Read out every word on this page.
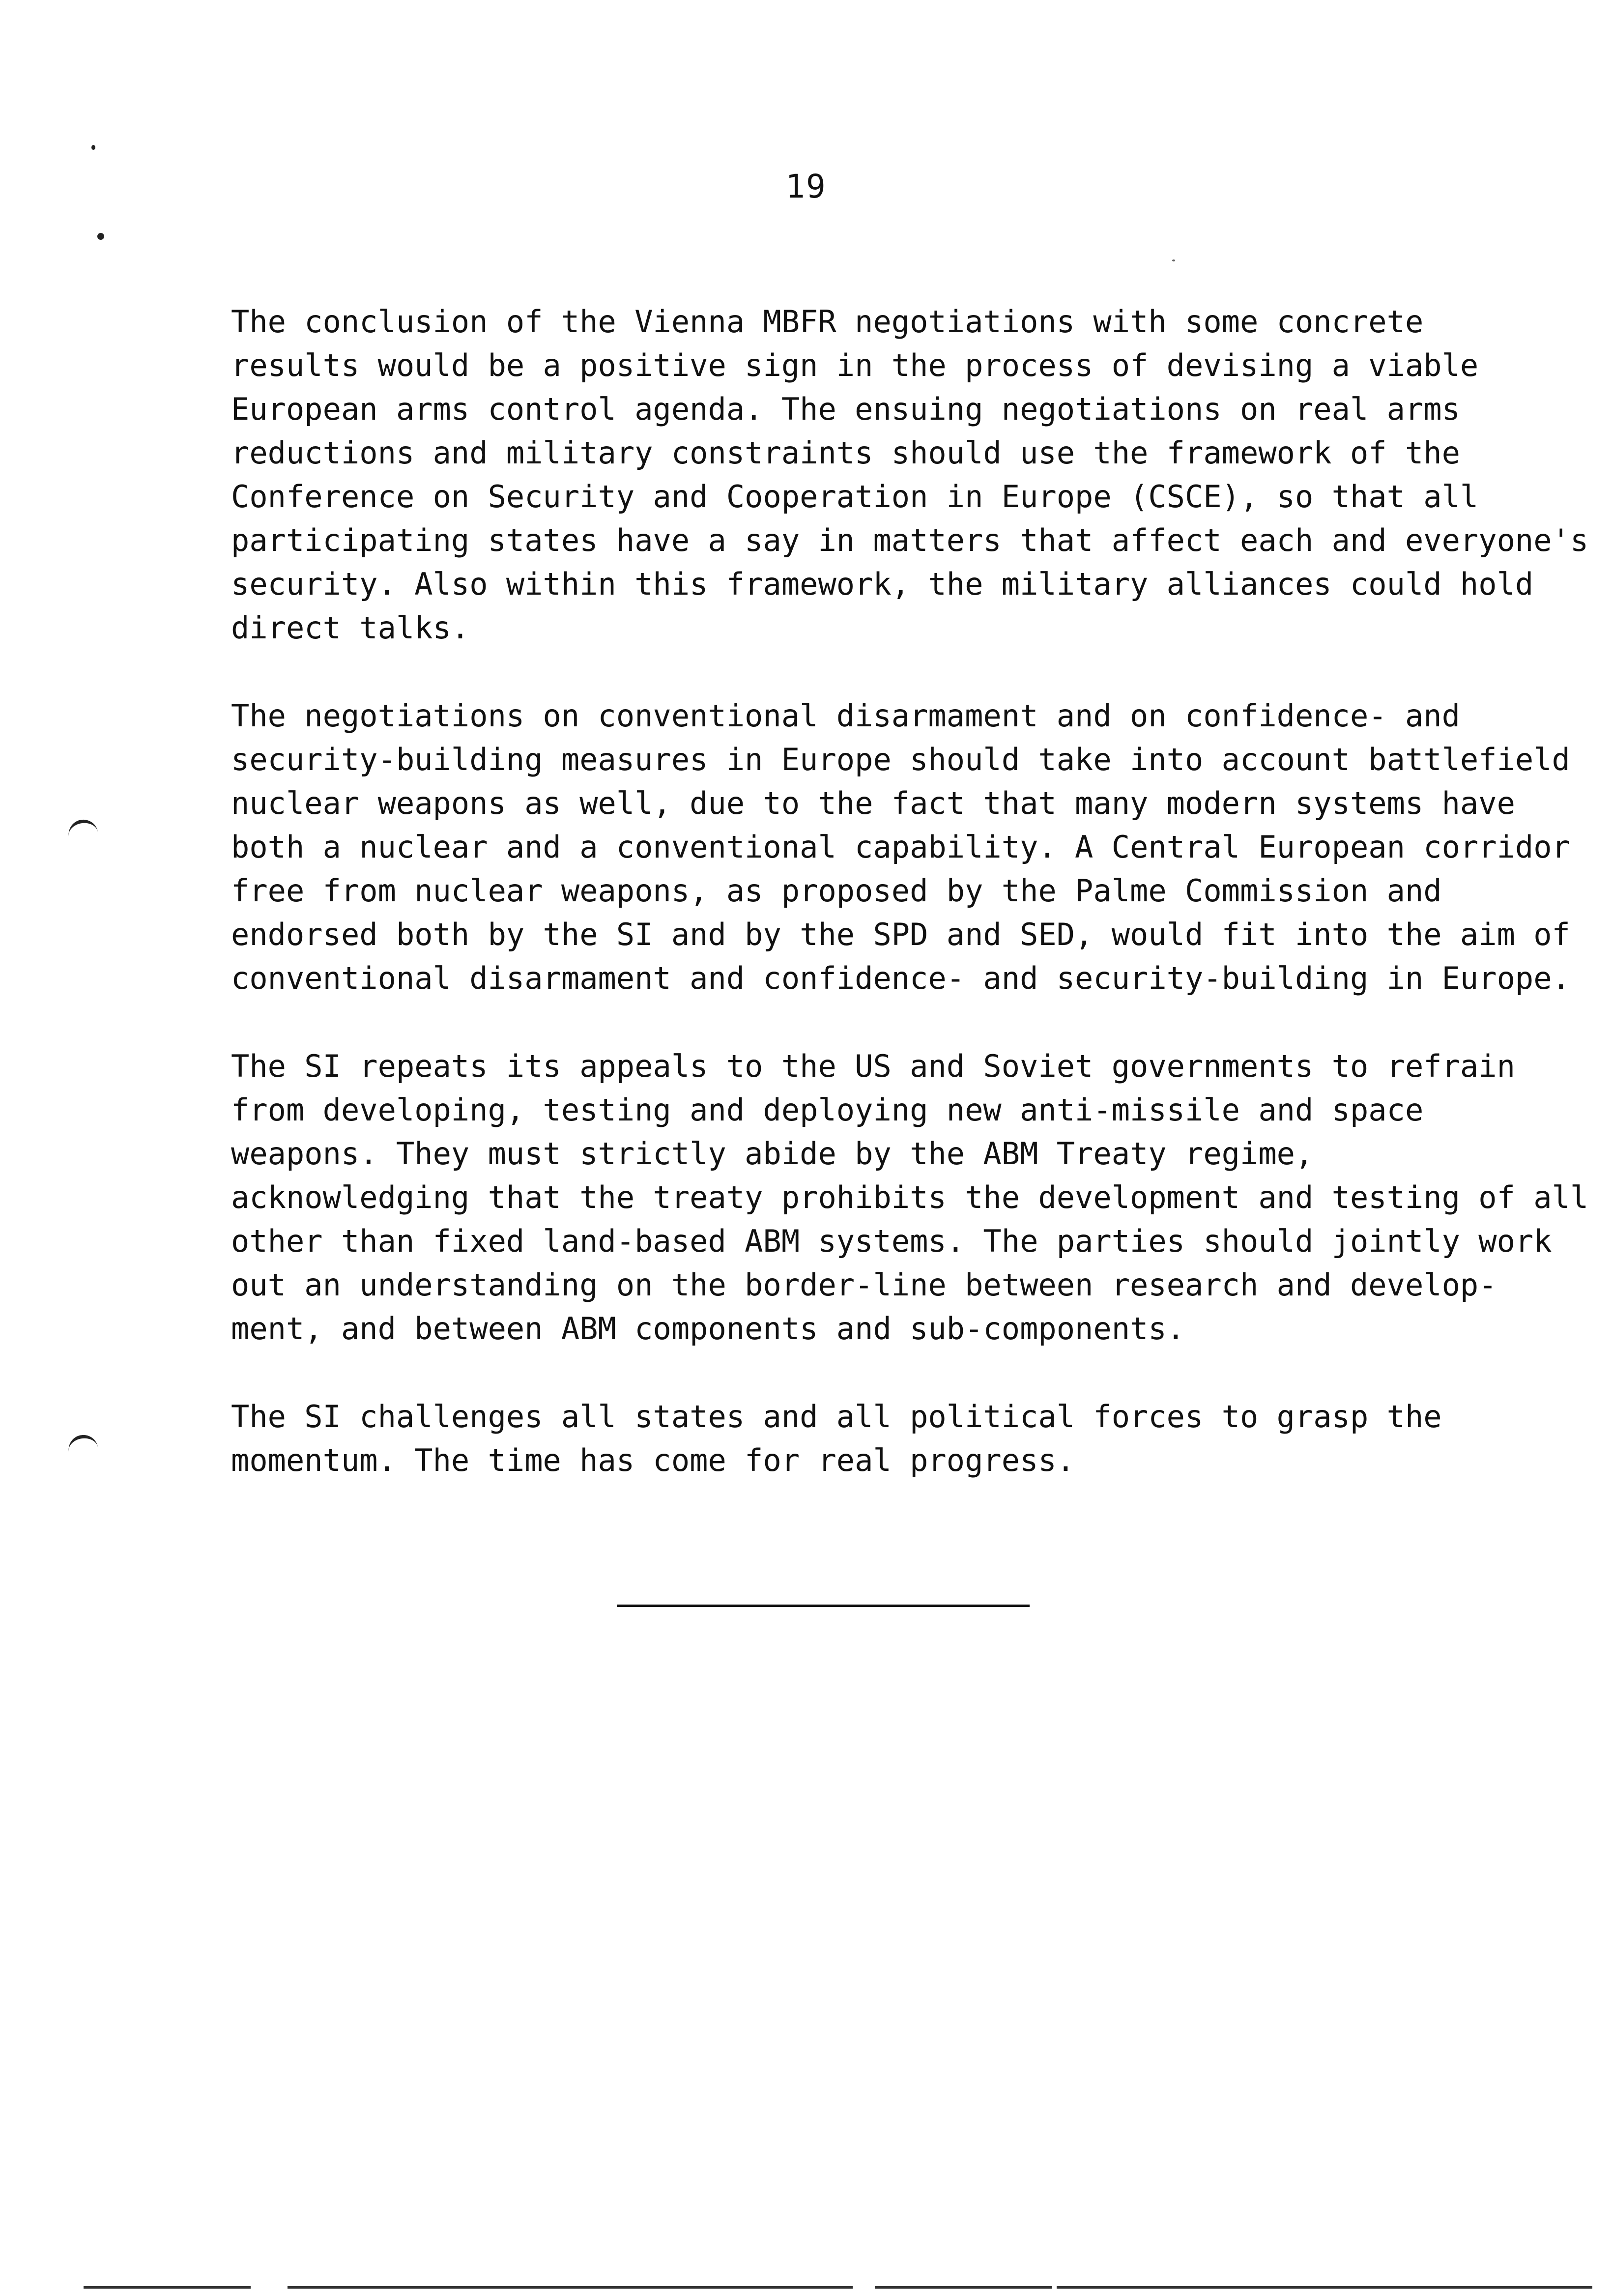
19

The conclusion of the Vienna MBFR negotiations with some concrete
results would be a positive sign in the process of devising a viable
European arms control agenda. The ensuing negotiations on real arms
reductions and military constraints should use the framework of the
Conference on Security and Cooperation in Europe (CSCE), so that all
participating states have a say in matters that affect each and everyone's
security. Also within this framework, the military alliances could hold
direct talks.

The negotiations on conventional disarmament and on confidence- and
security-building measures in Europe should take into account battlefield
nuclear weapons as well, due to the fact that many modern systems have
both a nuclear and a conventional capability. A Central European corridor
free from nuclear weapons, as proposed by the Palme Commission and
endorsed both by the SI and by the SPD and SED, would fit into the aim of
conventional disarmament and confidence- and security-building in Europe.

The SI repeats its appeals to the US and Soviet governments to refrain
from developing, testing and deploying new anti-missile and space
weapons. They must strictly abide by the ABM Treaty regime,
acknowledging that the treaty prohibits the development and testing of all
other than fixed land-based ABM systems. The parties should jointly work
out an understanding on the border-line between research and develop-
ment, and between ABM components and sub-components.

The SI challenges all states and all political forces to grasp the
momentum. The time has come for real progress.
